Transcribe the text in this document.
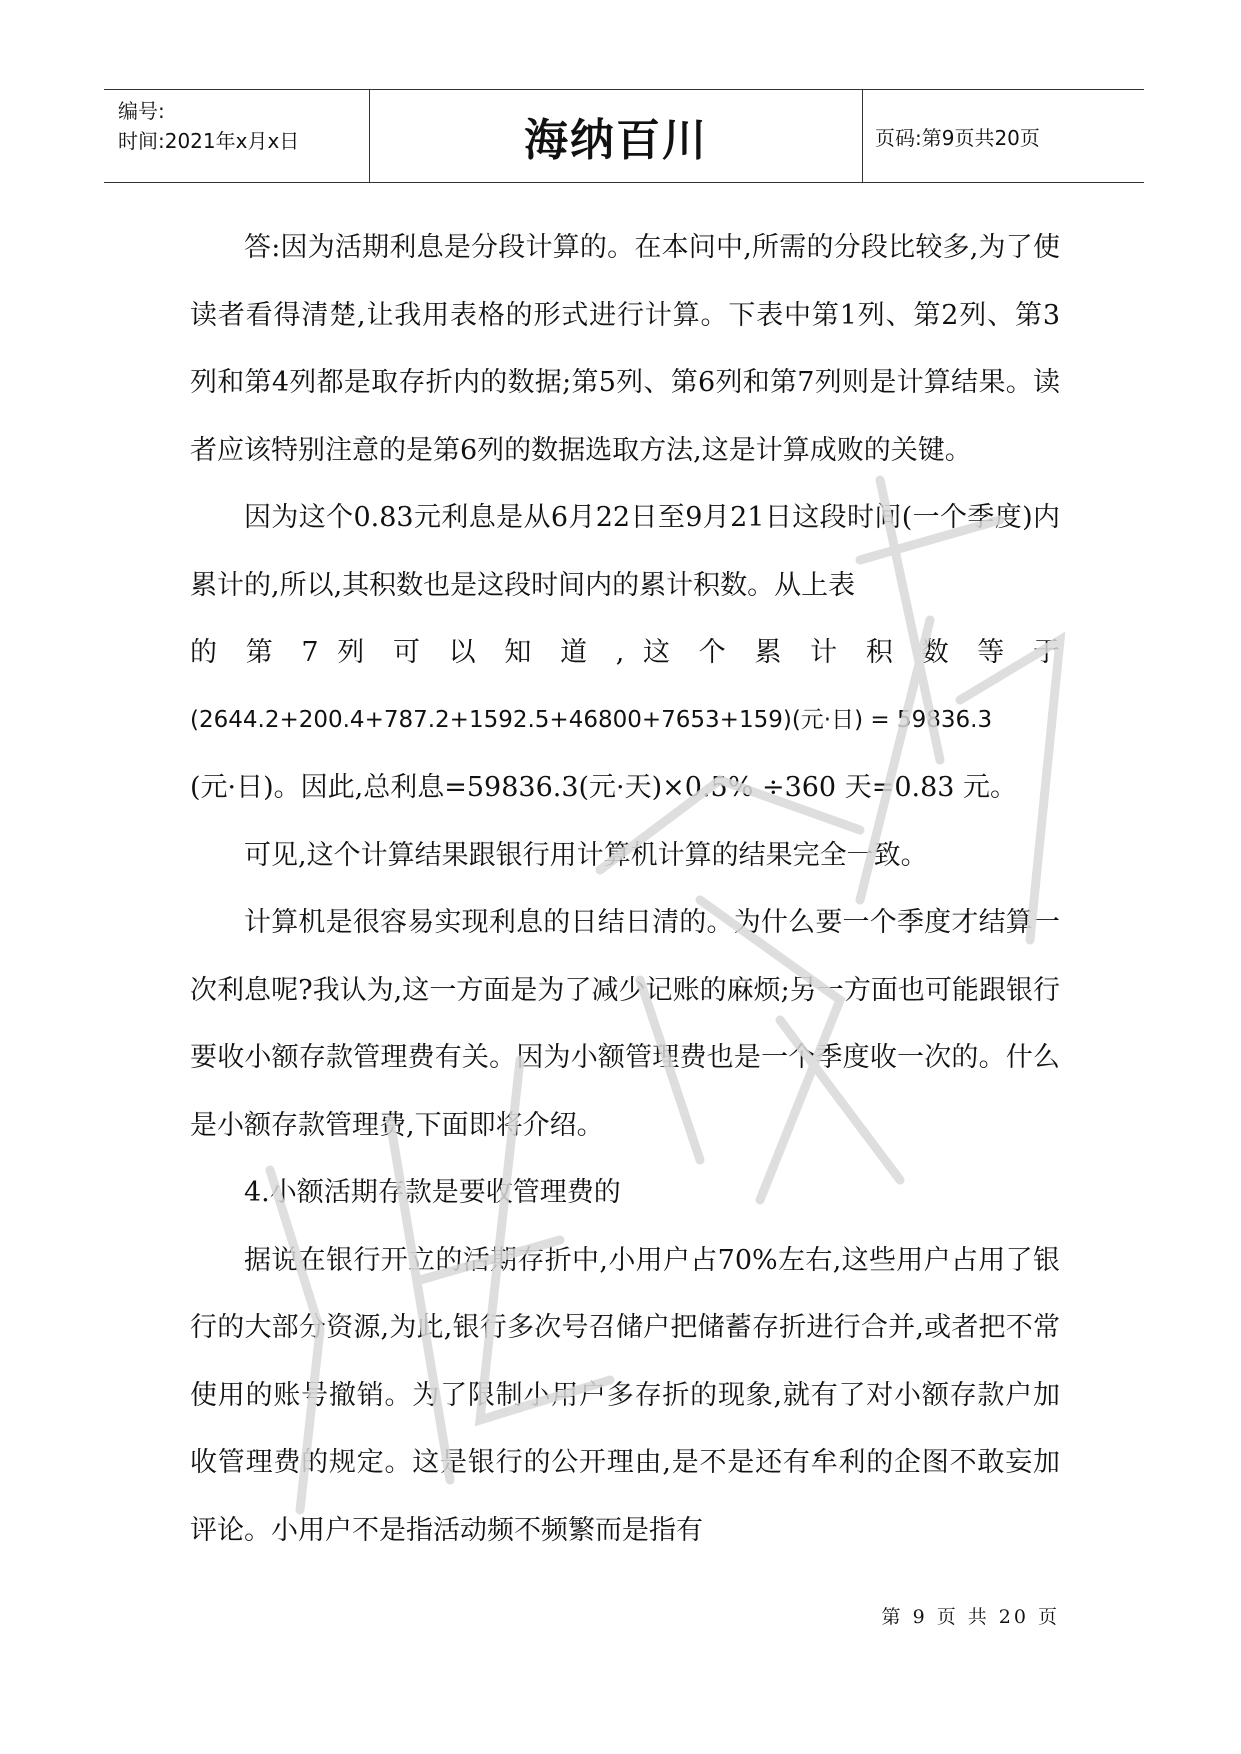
编号:
时间:2021年x月x日	海纳百川	页码:第9页共20页

答:因为活期利息是分段计算的。在本问中,所需的分段比较多,为了使读者看得清楚,让我用表格的形式进行计算。下表中第1列、第2列、第3列和第4列都是取存折内的数据;第5列、第6列和第7列则是计算结果。读者应该特别注意的是第6列的数据选取方法,这是计算成败的关键。

因为这个0.83元利息是从6月22日至9月21日这段时间(一个季度)内累计的,所以,其积数也是这段时间内的累计积数。从上表

的 第 7 列 可 以 知 道 , 这 个 累 计 积 数 等 于

(2644.2+200.4+787.2+1592.5+46800+7653+159)(元·日) = 59836.3

(元·日)。因此,总利息=59836.3(元·天)×0.5% ÷360 天=0.83 元。

可见,这个计算结果跟银行用计算机计算的结果完全一致。

计算机是很容易实现利息的日结日清的。为什么要一个季度才结算一次利息呢?我认为,这一方面是为了减少记账的麻烦;另一方面也可能跟银行要收小额存款管理费有关。因为小额管理费也是一个季度收一次的。什么是小额存款管理费,下面即将介绍。

4.小额活期存款是要收管理费的

据说在银行开立的活期存折中,小用户占70%左右,这些用户占用了银行的大部分资源,为此,银行多次号召储户把储蓄存折进行合并,或者把不常使用的账号撤销。为了限制小用户多存折的现象,就有了对小额存款户加收管理费的规定。这是银行的公开理由,是不是还有牟利的企图不敢妄加评论。小用户不是指活动频不频繁而是指有

第 9 页 共 20 页
